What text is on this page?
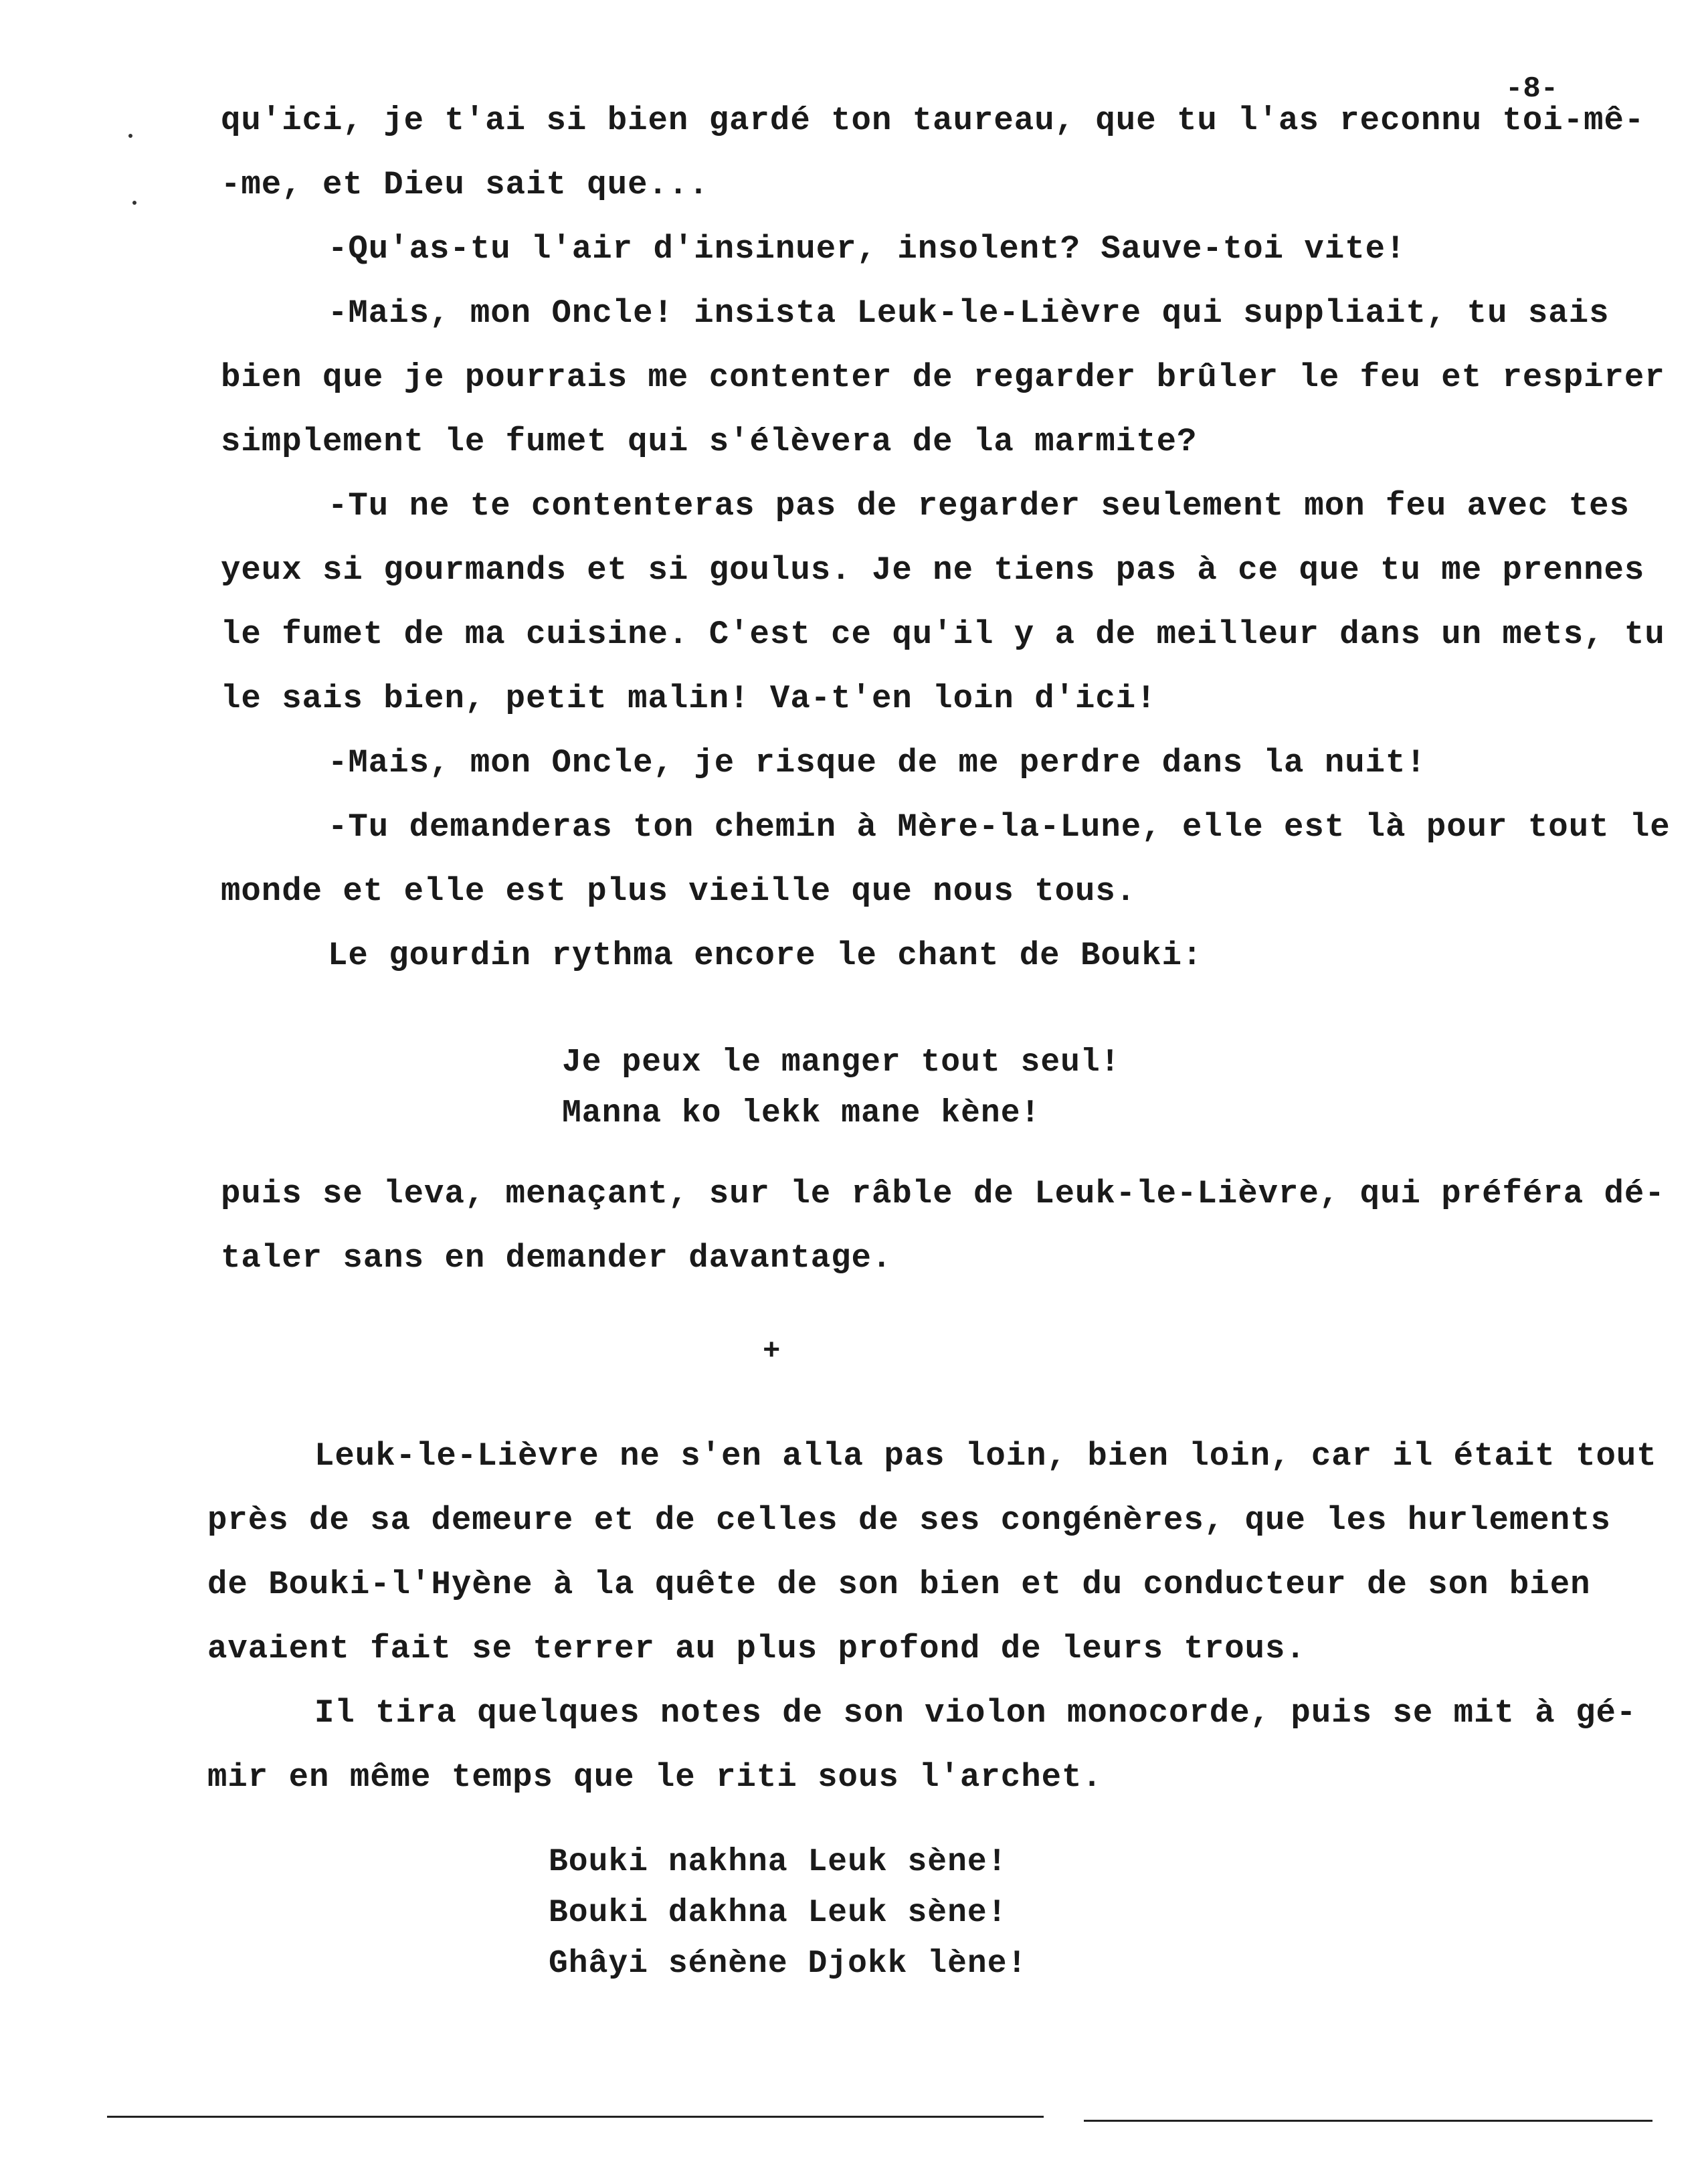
-8-
qu'ici, je t'ai si bien gardé ton taureau, que tu l'as reconnu toi-mê-
-me, et Dieu sait que...
-Qu'as-tu l'air d'insinuer, insolent? Sauve-toi vite!
-Mais, mon Oncle! insista Leuk-le-Lièvre qui suppliait, tu sais
bien que je pourrais me contenter de regarder brûler le feu et respirer
simplement le fumet qui s'élèvera de la marmite?
-Tu ne te contenteras pas de regarder seulement mon feu avec tes
yeux si gourmands et si goulus. Je ne tiens pas à ce que tu me prennes
le fumet de ma cuisine. C'est ce qu'il y a de meilleur dans un mets, tu
le sais bien, petit malin! Va-t'en loin d'ici!
-Mais, mon Oncle, je risque de me perdre dans la nuit!
-Tu demanderas ton chemin à Mère-la-Lune, elle est là pour tout le
monde et elle est plus vieille que nous tous.
Le gourdin rythma encore le chant de Bouki:
Je peux le manger tout seul!
Manna ko lekk mane kène!
puis se leva, menaçant, sur le râble de Leuk-le-Lièvre, qui préféra dé-
taler sans en demander davantage.
+
Leuk-le-Lièvre ne s'en alla pas loin, bien loin, car il était tout
près de sa demeure et de celles de ses congénères, que les hurlements
de Bouki-l'Hyène à la quête de son bien et du conducteur de son bien
avaient fait se terrer au plus profond de leurs trous.
Il tira quelques notes de son violon monocorde, puis se mit à gé-
mir en même temps que le riti sous l'archet.
Bouki nakhna Leuk sène!
Bouki dakhna Leuk sène!
Ghâyi sénène Djokk lène!
